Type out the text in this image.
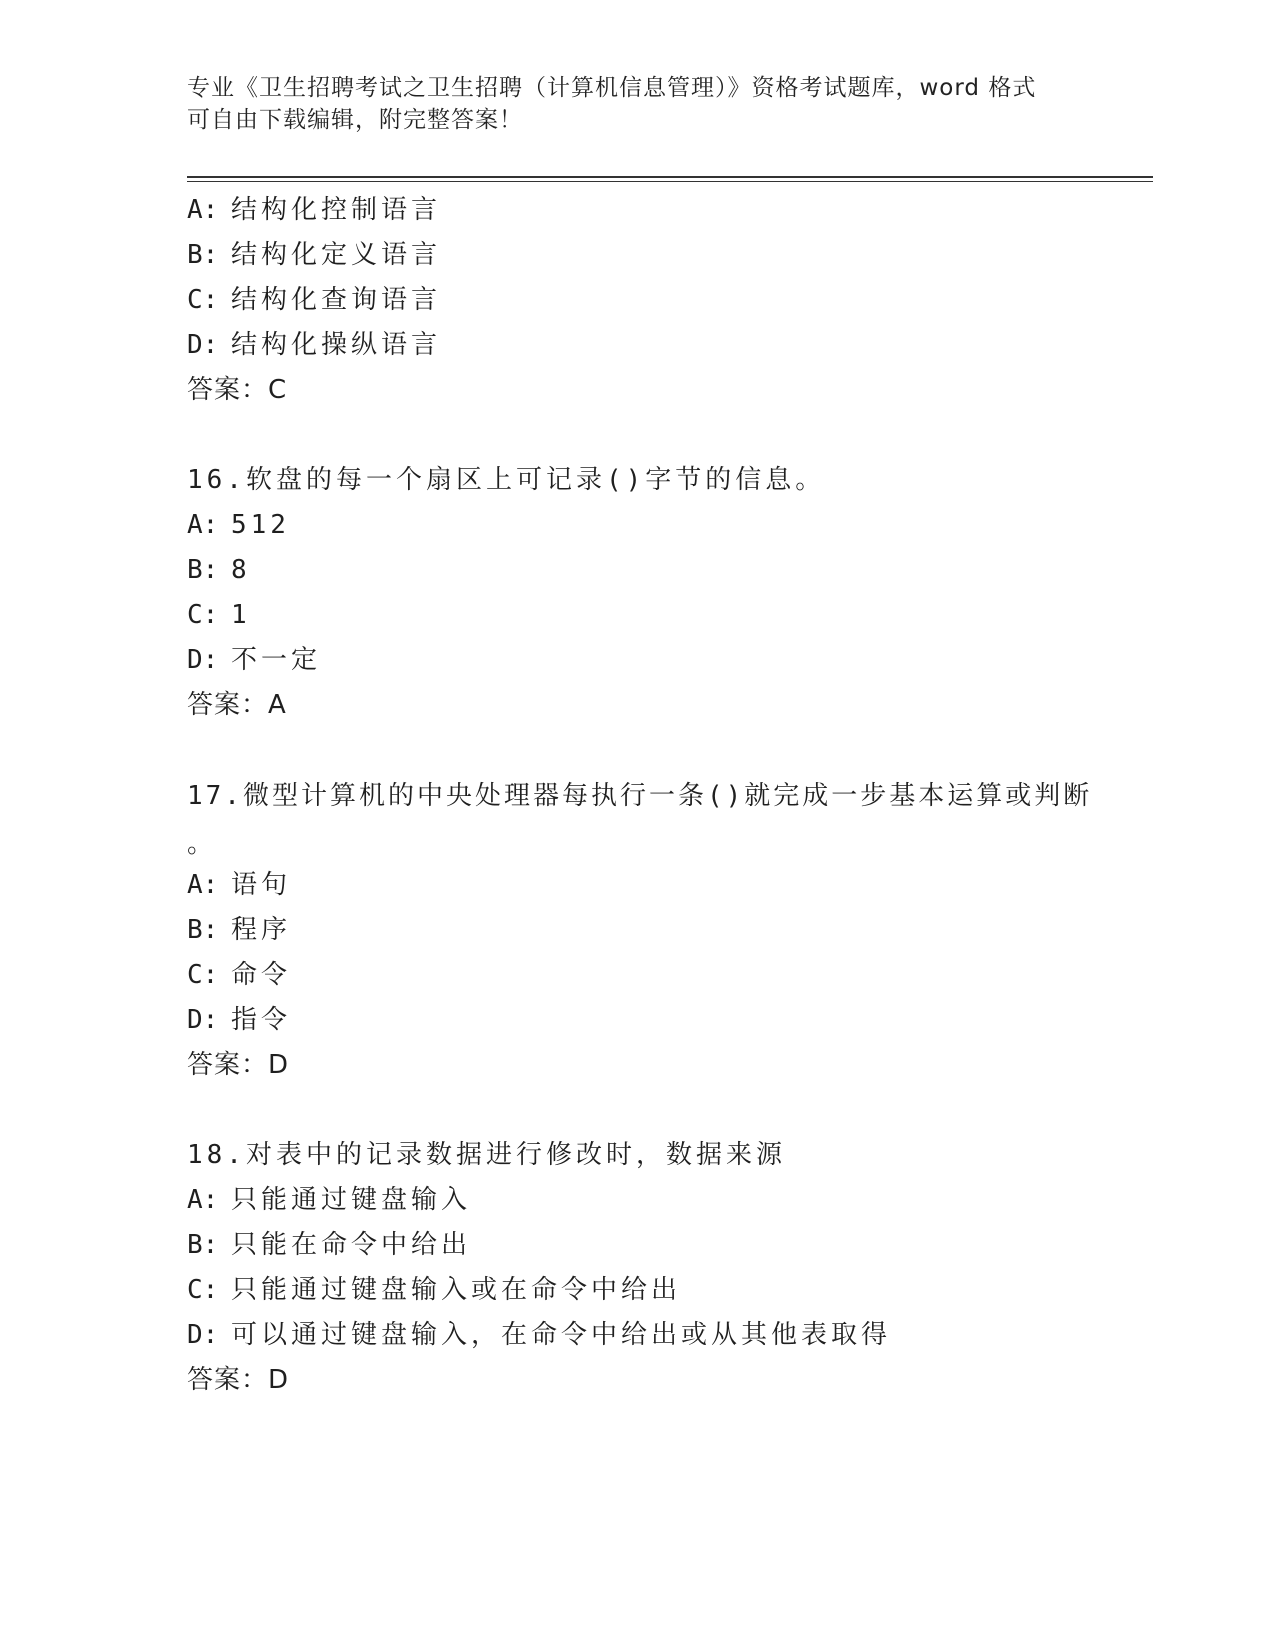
专业《卫生招聘考试之卫生招聘（计算机信息管理）》资格考试题库，word 格式
可自由下载编辑，附完整答案！
A: 结构化控制语言
B: 结构化定义语言
C: 结构化查询语言
D: 结构化操纵语言
答案：C
16.软盘的每一个扇区上可记录()字节的信息。
A: 512
B: 8
C: 1
D: 不一定
答案：A
17.微型计算机的中央处理器每执行一条()就完成一步基本运算或判断
。
A: 语句
B: 程序
C: 命令
D: 指令
答案：D
18.对表中的记录数据进行修改时，数据来源
A: 只能通过键盘输入
B: 只能在命令中给出
C: 只能通过键盘输入或在命令中给出
D: 可以通过键盘输入，在命令中给出或从其他表取得
答案：D
